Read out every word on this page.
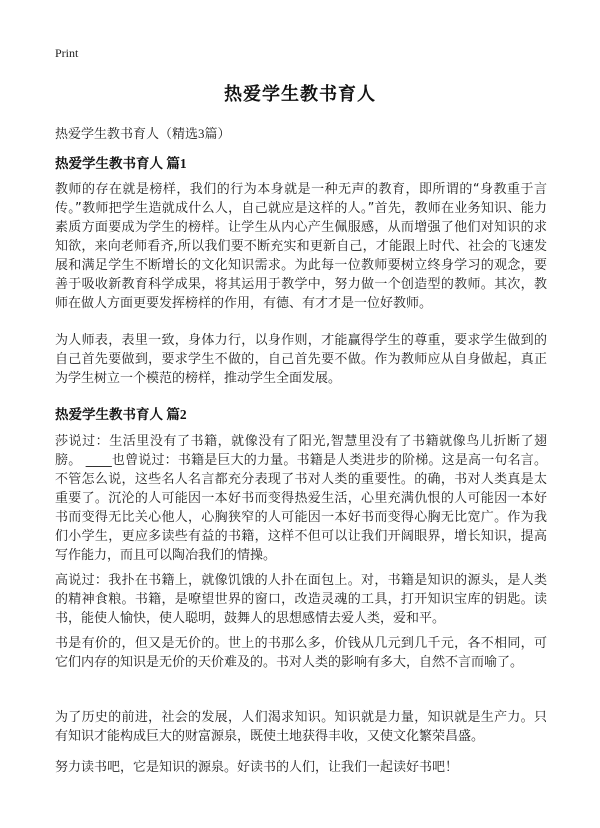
Print
热爱学生教书育人
热爱学生教书育人（精选3篇）
热爱学生教书育人 篇1
教师的存在就是榜样，我们的行为本身就是一种无声的教育，即所谓的“身教重于言传。”教师把学生造就成什么人，自己就应是这样的人。”首先，教师在业务知识、能力素质方面要成为学生的榜样。让学生从内心产生佩服感，从而增强了他们对知识的求知欲，来向老师看齐,所以我们要不断充实和更新自己，才能跟上时代、社会的飞速发展和满足学生不断增长的文化知识需求。为此每一位教师要树立终身学习的观念，要善于吸收新教育科学成果，将其运用于教学中，努力做一个创造型的教师。其次，教师在做人方面更要发挥榜样的作用，有德、有才才是一位好教师。
为人师表，表里一致，身体力行，以身作则，才能赢得学生的尊重，要求学生做到的自己首先要做到，要求学生不做的，自己首先要不做。作为教师应从自身做起，真正为学生树立一个模范的榜样，推动学生全面发展。
热爱学生教书育人 篇2
莎说过：生活里没有了书籍，就像没有了阳光,智慧里没有了书籍就像鸟儿折断了翅膀。 ____也曾说过：书籍是巨大的力量。书籍是人类进步的阶梯。这是高一句名言。不管怎么说，这些名人名言都充分表现了书对人类的重要性。的确，书对人类真是太重要了。沉沦的人可能因一本好书而变得热爱生活，心里充满仇恨的人可能因一本好书而变得无比关心他人，心胸狭窄的人可能因一本好书而变得心胸无比宽广。作为我们小学生，更应多读些有益的书籍，这样不但可以让我们开阔眼界，增长知识，提高写作能力，而且可以陶冶我们的情操。
高说过：我扑在书籍上，就像饥饿的人扑在面包上。对，书籍是知识的源头，是人类的精神食粮。书籍，是嘹望世界的窗口，改造灵魂的工具，打开知识宝库的钥匙。读书，能使人愉快，使人聪明，鼓舞人的思想感情去爱人类，爱和平。
书是有价的，但又是无价的。世上的书那么多，价钱从几元到几千元，各不相同，可它们内存的知识是无价的天价难及的。书对人类的影响有多大，自然不言而喻了。
为了历史的前进，社会的发展，人们渴求知识。知识就是力量，知识就是生产力。只有知识才能构成巨大的财富源泉，既使土地获得丰收，又使文化繁荣昌盛。
努力读书吧，它是知识的源泉。好读书的人们，让我们一起读好书吧！
